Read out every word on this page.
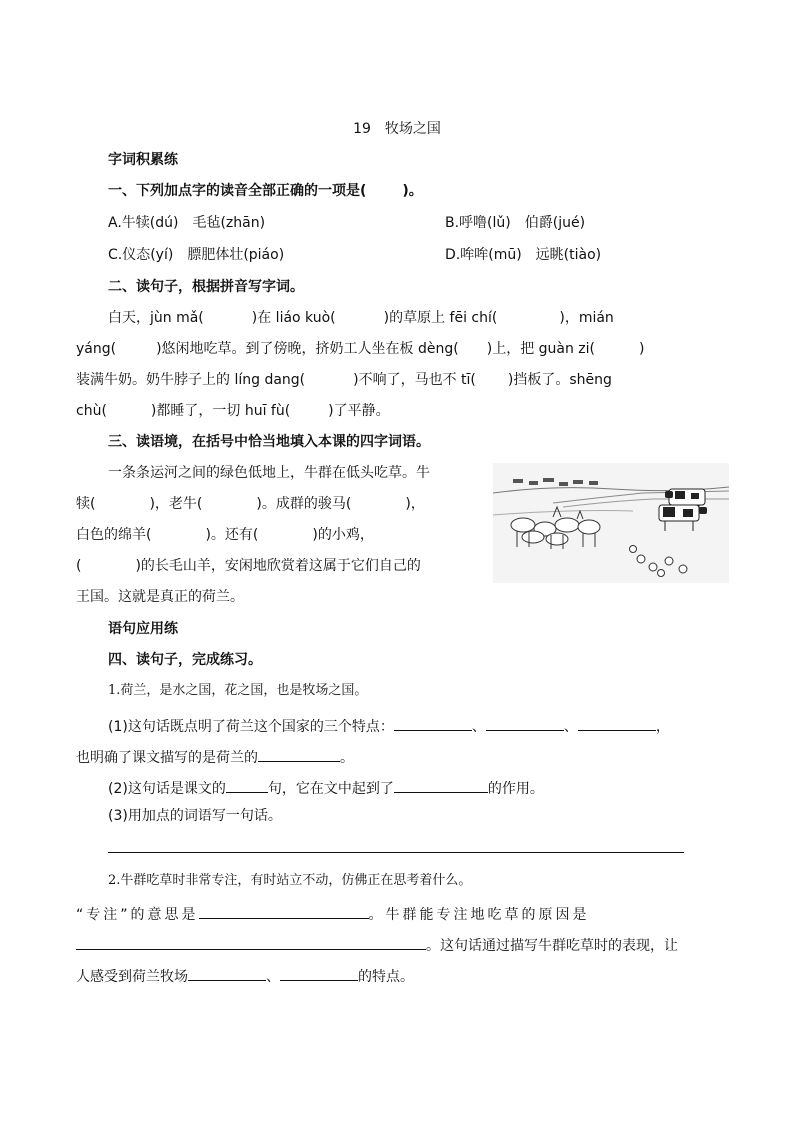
19　牧场之国
字词积累练
一、下列加点字的读音全部正确的一项是(	)。
A.牛犊(dú)　毛毡(zhān)	B.呼噜(lǔ)　伯爵(jué)
C.仪态(yí)　膘肥体壮(piáo)	D.哞哞(mū)　远眺(tiào)
二、读句子，根据拼音写字词。
白天，jùn mǎ(	)在 liáo kuò(	)的草原上 fēi chí(	)，mián
yáng(	)悠闲地吃草。到了傍晚，挤奶工人坐在板 dèng( )上，把 guàn zi(	)
装满牛奶。奶牛脖子上的 líng dang(	)不响了，马也不 tī( )挡板了。shēng
chù(	)都睡了，一切 huī fù(	)了平静。
三、读语境，在括号中恰当地填入本课的四字词语。
一条条运河之间的绿色低地上，牛群在低头吃草。牛
犊(	)，老牛(	)。成群的骏马(	)，
白色的绵羊(	)。还有(	)的小鸡，
(	)的长毛山羊，安闲地欣赏着这属于它们自己的
王国。这就是真正的荷兰。
语句应用练
四、读句子，完成练习。
1.荷兰，是水之国，花之国，也是牧场之国。
(1)这句话既点明了荷兰这个国家的三个特点：	、	、	，
也明确了课文描写的是荷兰的	。
(2)这句话是课文的	句，它在文中起到了	的作用。
(3)用加点的词语写一句话。
2.牛群吃草时非常专注，有时站立不动，仿佛正在思考着什么。
“专注”的意思是	。牛群能专注地吃草的原因是
。这句话通过描写牛群吃草时的表现，让
人感受到荷兰牧场	、	的特点。
